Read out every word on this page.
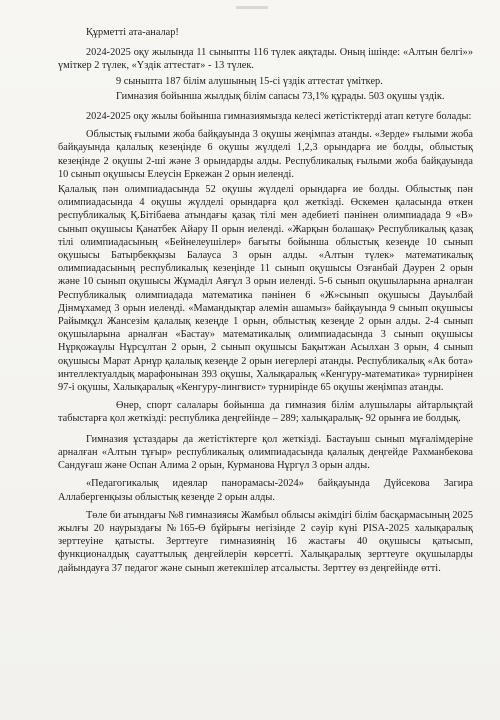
Құрметті ата-аналар!

2024-2025 оқу жылында 11 сыныпты 116 түлек аяқтады. Оның ішінде: «Алтын белгі»» үміткер 2 түлек, «Үздік аттестат» - 13 түлек.

9 сыныпта 187 білім алушының 15-сі үздік аттестат үміткер.

Гимназия бойынша жылдық білім сапасы 73,1% құрады. 503 оқушы үздік.

2024-2025 оқу жылы бойынша гимназиямызда келесі жетістіктерді атап кетуге болады:

Облыстық ғылыми жоба байқауында 3 оқушы жеңімпаз атанды. «Зерде» ғылыми жоба байқауында қалалық кезеңінде 6 оқушы жүлделі 1,2,3 орындарға ие болды, облыстық кезеңінде 2 оқушы 2-ші және 3 орындарды алды. Республикалық ғылыми жоба байқауында 10 сынып оқушысы Елеусін Еркежан 2 орын иеленді.

Қалалық пән олимпиадасында 52 оқушы жүлделі орындарға ие болды. Облыстық пән олимпиадасында 4 оқушы жүлделі орындарға қол жеткізді. Өскемен қаласында өткен республикалық Қ.Бітібаева атындағы қазақ тілі мен әдебиеті пәнінен олимпиадада 9 «В» сынып оқушысы Қанатбек Айару II орын иеленді. «Жарқын болашақ» Республикалық қазақ тілі олимпиадасының «Бейнелеушілер» бағыты бойынша облыстық кезеңде 10 сынып оқушысы Батырбекқызы Балауса 3 орын алды. «Алтын түлек» математикалық олимпиадасының республикалық кезеңінде 11 сынып оқушысы Озғанбай Дәурен 2 орын және 10 сынып оқушысы Жұмаділ Аяғұл 3 орын иеленді. 5-6 сынып оқушыларына арналған Республикалық олимпиадада математика пәнінен 6 «Ж»сынып оқушысы Дауылбай Дінмұхамед 3 орын иеленді. «Мамандықтар әлемін ашамыз» байқауында 9 сынып оқушысы Райымқұл Жансезім қалалық кезеңде 1 орын, облыстық кезеңде 2 орын алды. 2-4 сынып оқушыларына арналған «Бастау» математикалық олимпиадасында 3 сынып оқушысы Нұрқожаұлы Нұрсұлтан 2 орын, 2 сынып оқушысы Бақытжан Асылхан 3 орын, 4 сынып оқушысы Марат Арнұр қалалық кезеңде 2 орын иегерлері атанды. Республикалық «Ак бота» интеллектуалдық марафонынан 393 оқушы, Халықаралық «Кенгуру-математика» турнирінен 97-і оқушы, Халықаралық «Кенгуру-лингвист» турнирінде 65 оқушы жеңімпаз атанды.

Өнер, спорт салалары бойынша да гимназия білім алушылары айтарлықтай табыстарға қол жеткізді: республика деңгейінде – 289; халықаралық- 92 орынға ие болдық.

Гимназия ұстаздары да жетістіктерге қол жеткізді. Бастауыш сынып мұғалімдеріне арналған «Алтын тұғыр» республикалық олимпиадасында қалалық деңгейде Рахманбекова Сандуғаш және Оспан Алима 2 орын, Курманова Нұргүл 3 орын алды.

«Педагогикалық идеялар панорамасы-2024» байқауында Дүйсекова Загира Аллабергенқызы облыстық кезеңде 2 орын алды.

Төле би атындағы №8 гимназиясы Жамбыл облысы әкімдігі білім басқармасының 2025 жылғы 20 наурыздағы №165-Ө бұйрығы негізінде 2 сәуір күні PISA-2025 халықаралық зерттеуіне қатысты. Зерттеуге гимназиянің 16 жастағы 40 оқушысы қатысып, функционалдық сауаттылық деңгейлерін көрсетті. Халықаралық зерттеуге оқушыларды дайындауға 37 педагог және сынып жетекшілер атсалысты. Зерттеу өз деңгейінде өтті.
